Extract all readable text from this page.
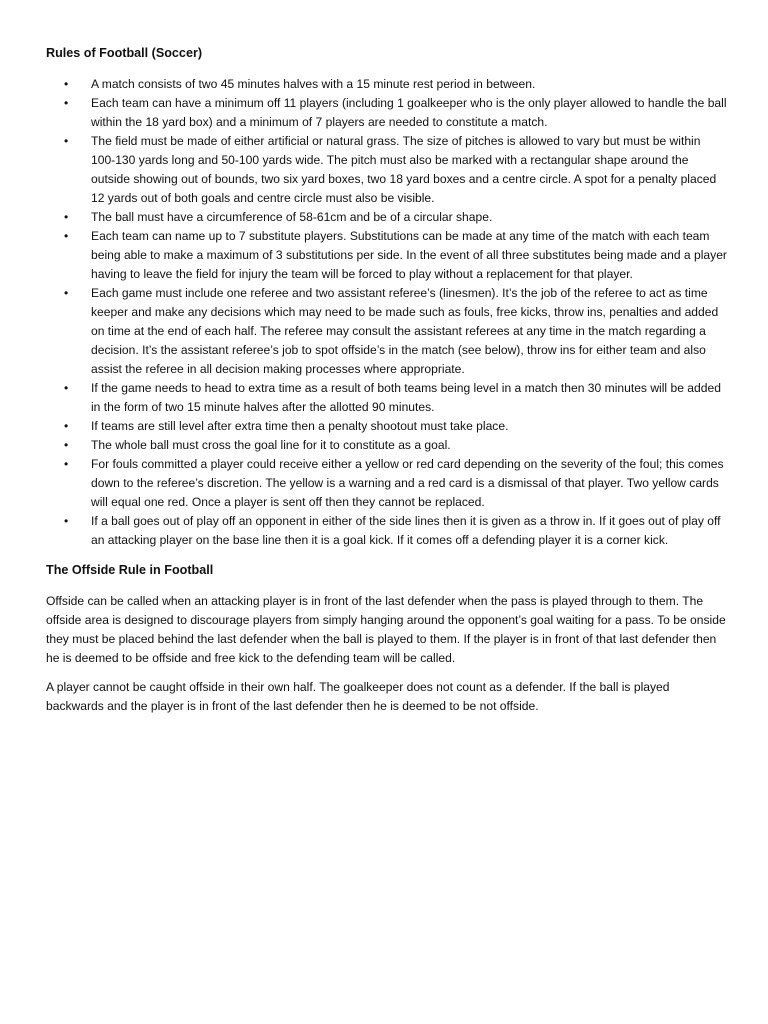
Rules of Football (Soccer)
• A match consists of two 45 minutes halves with a 15 minute rest period in between.
• Each team can have a minimum off 11 players (including 1 goalkeeper who is the only player allowed to handle the ball within the 18 yard box) and a minimum of 7 players are needed to constitute a match.
• The field must be made of either artificial or natural grass. The size of pitches is allowed to vary but must be within 100-130 yards long and 50-100 yards wide. The pitch must also be marked with a rectangular shape around the outside showing out of bounds, two six yard boxes, two 18 yard boxes and a centre circle. A spot for a penalty placed 12 yards out of both goals and centre circle must also be visible.
• The ball must have a circumference of 58-61cm and be of a circular shape.
• Each team can name up to 7 substitute players. Substitutions can be made at any time of the match with each team being able to make a maximum of 3 substitutions per side. In the event of all three substitutes being made and a player having to leave the field for injury the team will be forced to play without a replacement for that player.
• Each game must include one referee and two assistant referee’s (linesmen). It’s the job of the referee to act as time keeper and make any decisions which may need to be made such as fouls, free kicks, throw ins, penalties and added on time at the end of each half. The referee may consult the assistant referees at any time in the match regarding a decision. It’s the assistant referee’s job to spot offside’s in the match (see below), throw ins for either team and also assist the referee in all decision making processes where appropriate.
• If the game needs to head to extra time as a result of both teams being level in a match then 30 minutes will be added in the form of two 15 minute halves after the allotted 90 minutes.
• If teams are still level after extra time then a penalty shootout must take place.
• The whole ball must cross the goal line for it to constitute as a goal.
• For fouls committed a player could receive either a yellow or red card depending on the severity of the foul; this comes down to the referee’s discretion. The yellow is a warning and a red card is a dismissal of that player. Two yellow cards will equal one red. Once a player is sent off then they cannot be replaced.
• If a ball goes out of play off an opponent in either of the side lines then it is given as a throw in. If it goes out of play off an attacking player on the base line then it is a goal kick. If it comes off a defending player it is a corner kick.
The Offside Rule in Football

Offside can be called when an attacking player is in front of the last defender when the pass is played through to them. The offside area is designed to discourage players from simply hanging around the opponent’s goal waiting for a pass. To be onside they must be placed behind the last defender when the ball is played to them. If the player is in front of that last defender then he is deemed to be offside and free kick to the defending team will be called.

A player cannot be caught offside in their own half. The goalkeeper does not count as a defender. If the ball is played backwards and the player is in front of the last defender then he is deemed to be not offside.
